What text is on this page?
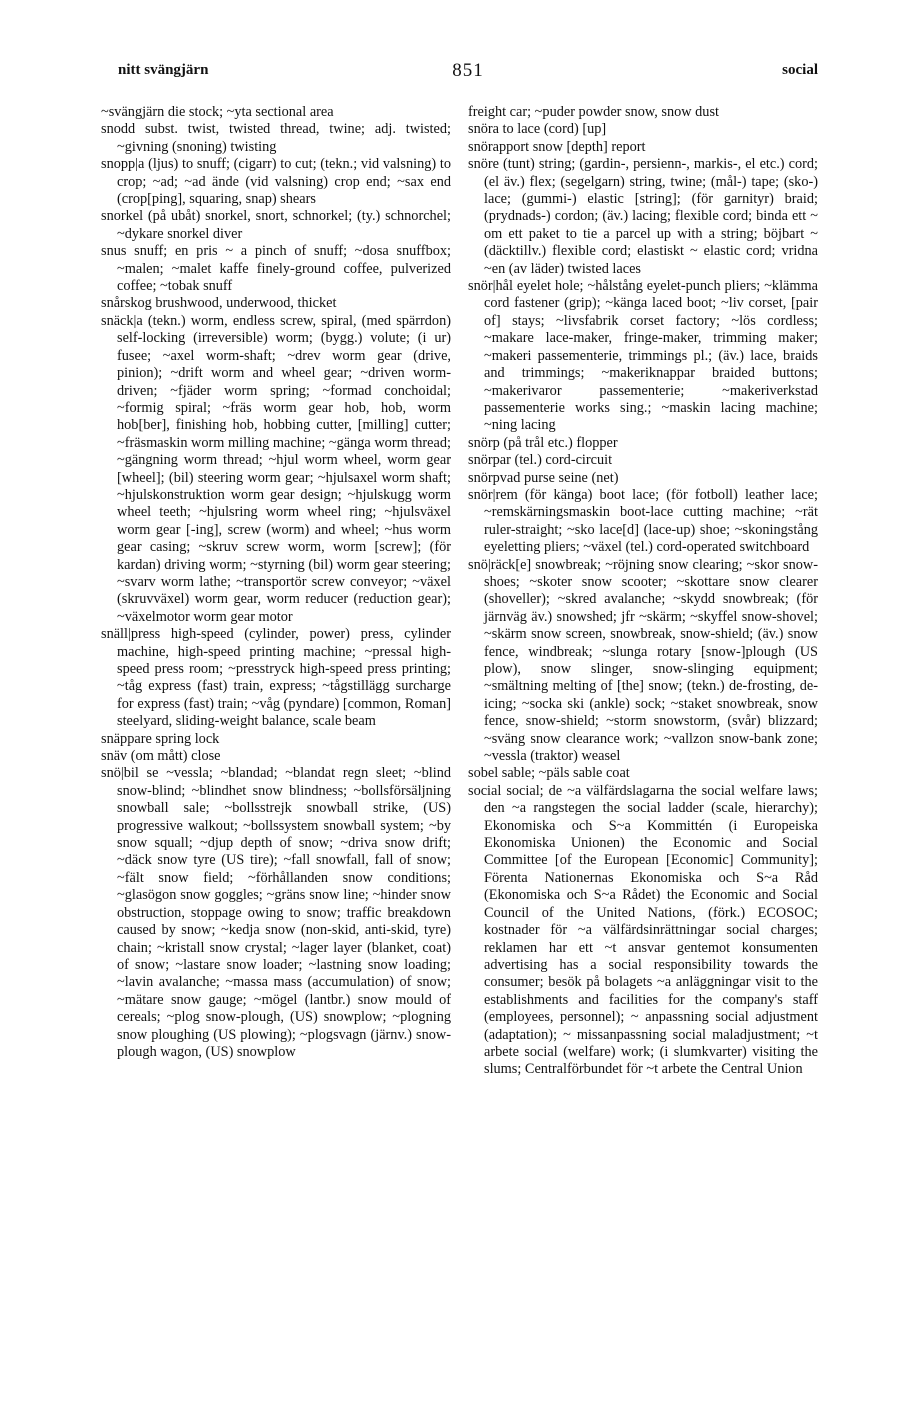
nitt svängjärn	851	social

~svängjärn die stock; ~yta sectional area

snodd subst. twist, twisted thread, twine; adj. twisted; ~givning (snoning) twisting

snopp|a (ljus) to snuff; (cigarr) to cut; (tekn.; vid valsning) to crop; ~ad; ~ad ände (vid valsning) crop end; ~sax end (crop[ping], squaring, snap) shears

snorkel (på ubåt) snorkel, snort, schnorkel; (ty.) schnorchel; ~dykare snorkel diver

snus snuff; en pris ~ a pinch of snuff; ~dosa snuffbox; ~malen; ~malet kaffe finely-ground coffee, pulverized coffee; ~tobak snuff

snårskog brushwood, underwood, thicket

snäck|a (tekn.) worm, endless screw, spiral, (med spärrdon) self-locking (irreversible) worm; (bygg.) volute; (i ur) fusee; ~axel worm-shaft; ~drev worm gear (drive, pinion); ~drift worm and wheel gear; ~driven worm-driven; ~fjäder worm spring; ~formad conchoidal; ~formig spiral; ~fräs worm gear hob, hob, worm hob[ber], finishing hob, hobbing cutter, [milling] cutter; ~fräsmaskin worm milling machine; ~gänga worm thread; ~gängning worm thread; ~hjul worm wheel, worm gear [wheel]; (bil) steering worm gear; ~hjulsaxel worm shaft; ~hjulskonstruktion worm gear design; ~hjulskugg worm wheel teeth; ~hjulsring worm wheel ring; ~hjulsväxel worm gear [-ing], screw (worm) and wheel; ~hus worm gear casing; ~skruv screw worm, worm [screw]; (för kardan) driving worm; ~styrning (bil) worm gear steering; ~svarv worm lathe; ~transportör screw conveyor; ~växel (skruvväxel) worm gear, worm reducer (reduction gear); ~växelmotor worm gear motor

snäll|press high-speed (cylinder, power) press, cylinder machine, high-speed printing machine; ~pressal high-speed press room; ~presstryck high-speed press printing; ~tåg express (fast) train, express; ~tågstillägg surcharge for express (fast) train; ~våg (pyndare) [common, Roman] steelyard, sliding-weight balance, scale beam

snäppare spring lock

snäv (om mått) close

snö|bil se ~vessla; ~blandad; ~blandat regn sleet; ~blind snow-blind; ~blindhet snow blindness; ~bollsförsäljning snowball sale; ~bollsstrejk snowball strike, (US) progressive walkout; ~bollssystem snowball system; ~by snow squall; ~djup depth of snow; ~driva snow drift; ~däck snow tyre (US tire); ~fall snowfall, fall of snow; ~fält snow field; ~förhållanden snow conditions; ~glasögon snow goggles; ~gräns snow line; ~hinder snow obstruction, stoppage owing to snow; traffic breakdown caused by snow; ~kedja snow (non-skid, anti-skid, tyre) chain; ~kristall snow crystal; ~lager layer (blanket, coat) of snow; ~lastare snow loader; ~lastning snow loading; ~lavin avalanche; ~massa mass (accumulation) of snow; ~mätare snow gauge; ~mögel (lantbr.) snow mould of cereals; ~plog snow-plough, (US) snowplow; ~plogning snow ploughing (US plowing); ~plogsvagn (järnv.) snow-plough wagon, (US) snowplow

freight car; ~puder powder snow, snow dust

snöra to lace (cord) [up]

snörapport snow [depth] report

snöre (tunt) string; (gardin-, persienn-, markis-, el etc.) cord; (el äv.) flex; (segelgarn) string, twine; (mål-) tape; (sko-) lace; (gummi-) elastic [string]; (för garnityr) braid; (prydnads-) cordon; (äv.) lacing; flexible cord; binda ett ~ om ett paket to tie a parcel up with a string; böjbart ~ (däcktillv.) flexible cord; elastiskt ~ elastic cord; vridna ~en (av läder) twisted laces

snör|hål eyelet hole; ~hålstång eyelet-punch pliers; ~klämma cord fastener (grip); ~känga laced boot; ~liv corset, [pair of] stays; ~livsfabrik corset factory; ~lös cordless; ~makare lace-maker, fringe-maker, trimming maker; ~makeri passementerie, trimmings pl.; (äv.) lace, braids and trimmings; ~makeriknappar braided buttons; ~makerivaror passementerie; ~makeriverkstad passementerie works sing.; ~maskin lacing machine; ~ning lacing

snörp (på trål etc.) flopper

snörpar (tel.) cord-circuit

snörpvad purse seine (net)

snör|rem (för känga) boot lace; (för fotboll) leather lace; ~remskärningsmaskin boot-lace cutting machine; ~rät ruler-straight; ~sko lace[d] (lace-up) shoe; ~skoningstång eyeletting pliers; ~växel (tel.) cord-operated switchboard

snö|räck[e] snowbreak; ~röjning snow clearing; ~skor snow-shoes; ~skoter snow scooter; ~skottare snow clearer (shoveller); ~skred avalanche; ~skydd snowbreak; (för järnväg äv.) snowshed; jfr ~skärm; ~skyffel snow-shovel; ~skärm snow screen, snowbreak, snow-shield; (äv.) snow fence, windbreak; ~slunga rotary [snow-]plough (US plow), snow slinger, snow-slinging equipment; ~smältning melting of [the] snow; (tekn.) de-frosting, de-icing; ~socka ski (ankle) sock; ~staket snowbreak, snow fence, snow-shield; ~storm snowstorm, (svår) blizzard; ~sväng snow clearance work; ~vallzon snow-bank zone; ~vessla (traktor) weasel

sobel sable; ~päls sable coat

social social; de ~a välfärdslagarna the social welfare laws; den ~a rangstegen the social ladder (scale, hierarchy); Ekonomiska och S~a Kommittén (i Europeiska Ekonomiska Unionen) the Economic and Social Committee [of the European [Economic] Community]; Förenta Nationernas Ekonomiska och S~a Råd (Ekonomiska och S~a Rådet) the Economic and Social Council of the United Nations, (förk.) ECOSOC; kostnader för ~a välfärdsinrättningar social charges; reklamen har ett ~t ansvar gentemot konsumenten advertising has a social responsibility towards the consumer; besök på bolagets ~a anläggningar visit to the establishments and facilities for the company's staff (employees, personnel); ~ anpassning social adjustment (adaptation); ~ missanpassning social maladjustment; ~t arbete social (welfare) work; (i slumkvarter) visiting the slums; Centralförbundet för ~t arbete the Central Union
